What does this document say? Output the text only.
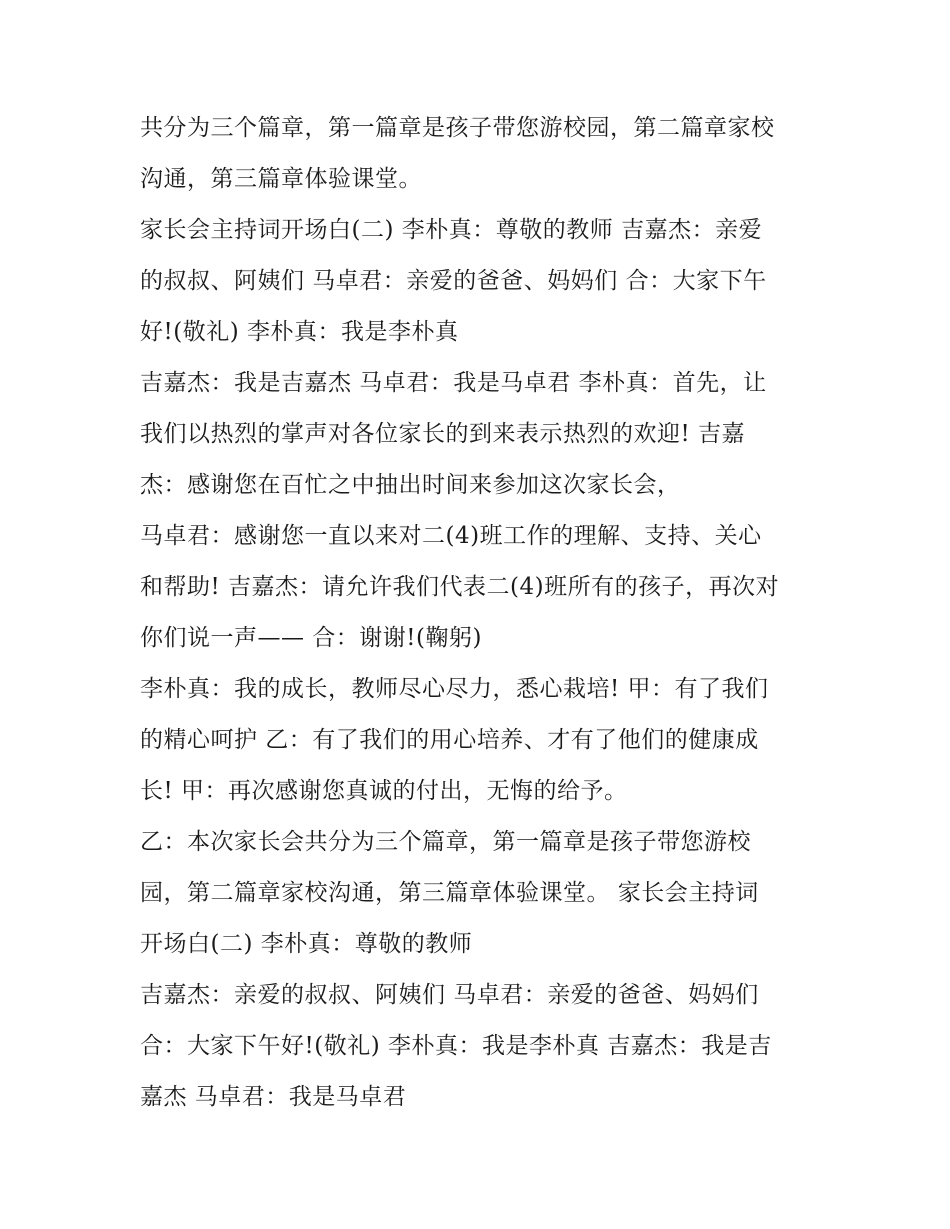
共分为三个篇章，第一篇章是孩子带您游校园，第二篇章家校
沟通，第三篇章体验课堂。
家长会主持词开场白(二) 李朴真：尊敬的教师 吉嘉杰：亲爱
的叔叔、阿姨们 马卓君：亲爱的爸爸、妈妈们 合：大家下午
好!(敬礼) 李朴真：我是李朴真
吉嘉杰：我是吉嘉杰 马卓君：我是马卓君 李朴真：首先，让
我们以热烈的掌声对各位家长的到来表示热烈的欢迎! 吉嘉
杰：感谢您在百忙之中抽出时间来参加这次家长会，
马卓君：感谢您一直以来对二(4)班工作的理解、支持、关心
和帮助! 吉嘉杰：请允许我们代表二(4)班所有的孩子，再次对
你们说一声—— 合：谢谢!(鞠躬)
李朴真：我的成长，教师尽心尽力，悉心栽培! 甲：有了我们
的精心呵护 乙：有了我们的用心培养、才有了他们的健康成
长! 甲：再次感谢您真诚的付出，无悔的给予。
乙：本次家长会共分为三个篇章，第一篇章是孩子带您游校
园，第二篇章家校沟通，第三篇章体验课堂。 家长会主持词
开场白(二) 李朴真：尊敬的教师
吉嘉杰：亲爱的叔叔、阿姨们 马卓君：亲爱的爸爸、妈妈们
合：大家下午好!(敬礼) 李朴真：我是李朴真 吉嘉杰：我是吉
嘉杰 马卓君：我是马卓君
